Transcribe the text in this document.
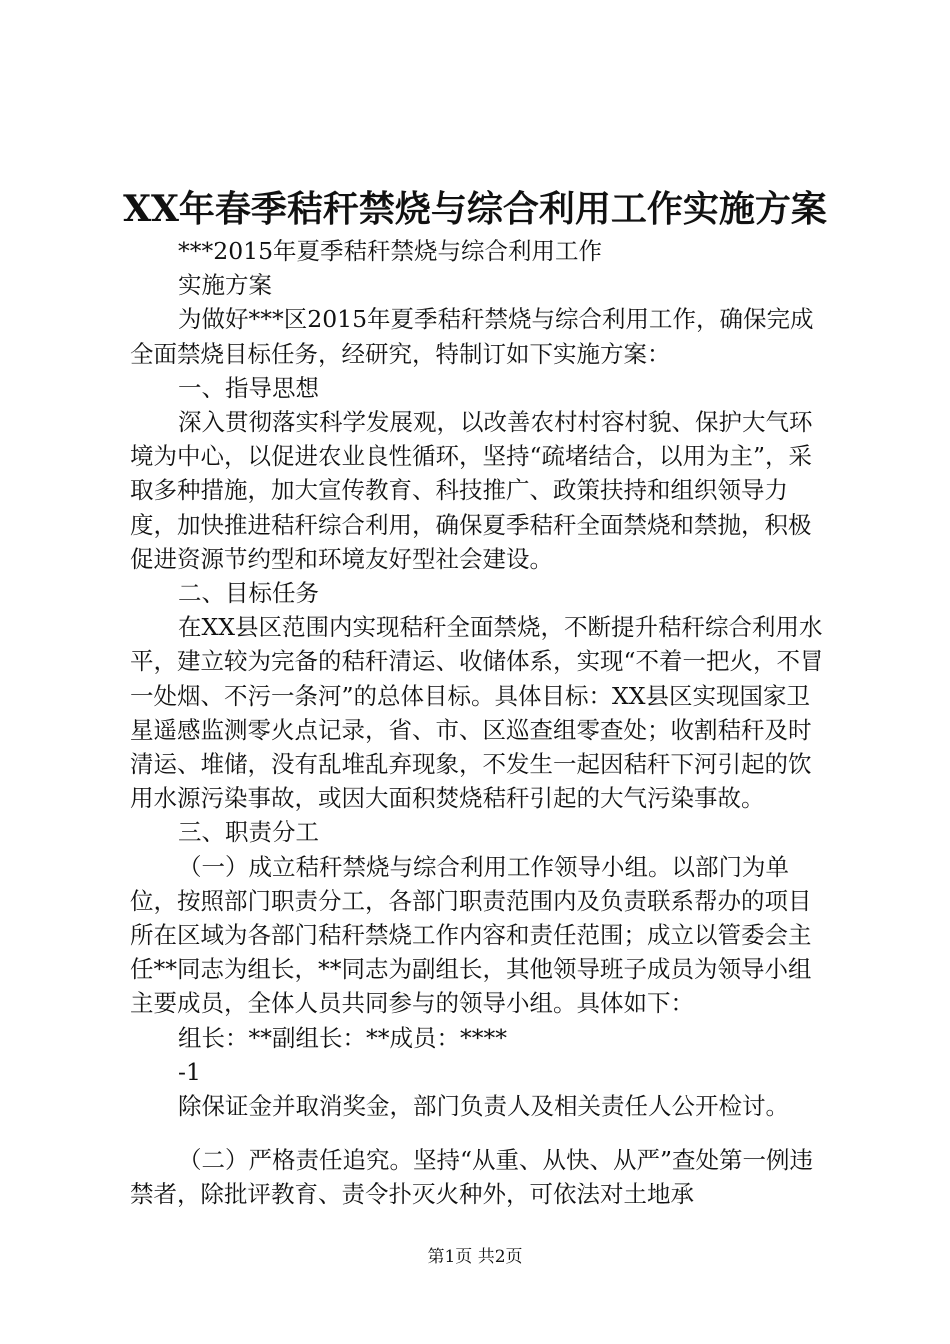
XX年春季秸秆禁烧与综合利用工作实施方案

***2015年夏季秸秆禁烧与综合利用工作

实施方案

为做好***区2015年夏季秸秆禁烧与综合利用工作，确保完成全面禁烧目标任务，经研究，特制订如下实施方案：

一、指导思想

深入贯彻落实科学发展观，以改善农村村容村貌、保护大气环境为中心，以促进农业良性循环，坚持“疏堵结合，以用为主”，采取多种措施，加大宣传教育、科技推广、政策扶持和组织领导力度，加快推进秸秆综合利用，确保夏季秸秆全面禁烧和禁抛，积极促进资源节约型和环境友好型社会建设。

二、目标任务

在XX县区范围内实现秸秆全面禁烧，不断提升秸秆综合利用水平，建立较为完备的秸秆清运、收储体系，实现“不着一把火，不冒一处烟、不污一条河”的总体目标。具体目标：XX县区实现国家卫星遥感监测零火点记录，省、市、区巡查组零查处；收割秸秆及时清运、堆储，没有乱堆乱弃现象，不发生一起因秸秆下河引起的饮用水源污染事故，或因大面积焚烧秸秆引起的大气污染事故。

三、职责分工

（一）成立秸秆禁烧与综合利用工作领导小组。以部门为单位，按照部门职责分工，各部门职责范围内及负责联系帮办的项目所在区域为各部门秸秆禁烧工作内容和责任范围；成立以管委会主任**同志为组长，**同志为副组长，其他领导班子成员为领导小组主要成员，全体人员共同参与的领导小组。具体如下：

组长：**副组长：**成员：****

-1

除保证金并取消奖金，部门负责人及相关责任人公开检讨。

（二）严格责任追究。坚持“从重、从快、从严”查处第一例违禁者，除批评教育、责令扑灭火种外，可依法对土地承

第1页 共2页
